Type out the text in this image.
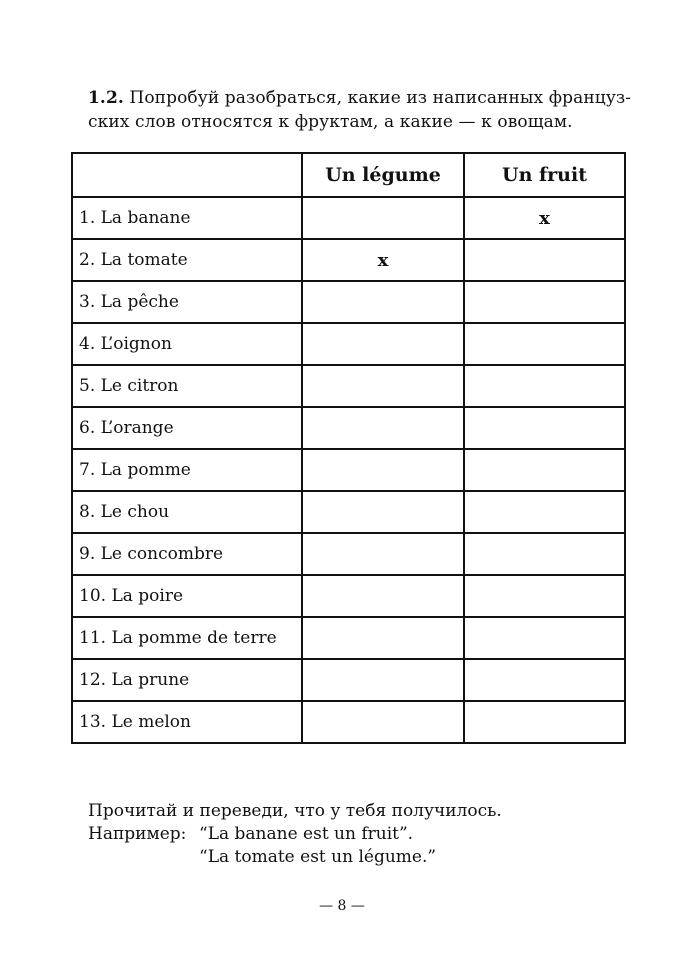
1.2. Попробуй разобраться, какие из написанных француз-
ских слов относятся к фруктам, а какие — к овощам.
	Un légume	Un fruit
1. La banane		x
2. La tomate	x	
3. La pêche		
4. L’oignon		
5. Le citron		
6. L’orange		
7. La pomme		
8. Le chou		
9. Le concombre		
10. La poire		
11. La pomme de terre		
12. La prune		
13. Le melon		
Прочитай и переведи, что у тебя получилось.
Например: “La banane est un fruit”.
“La tomate est un légume.”
— 8 —
